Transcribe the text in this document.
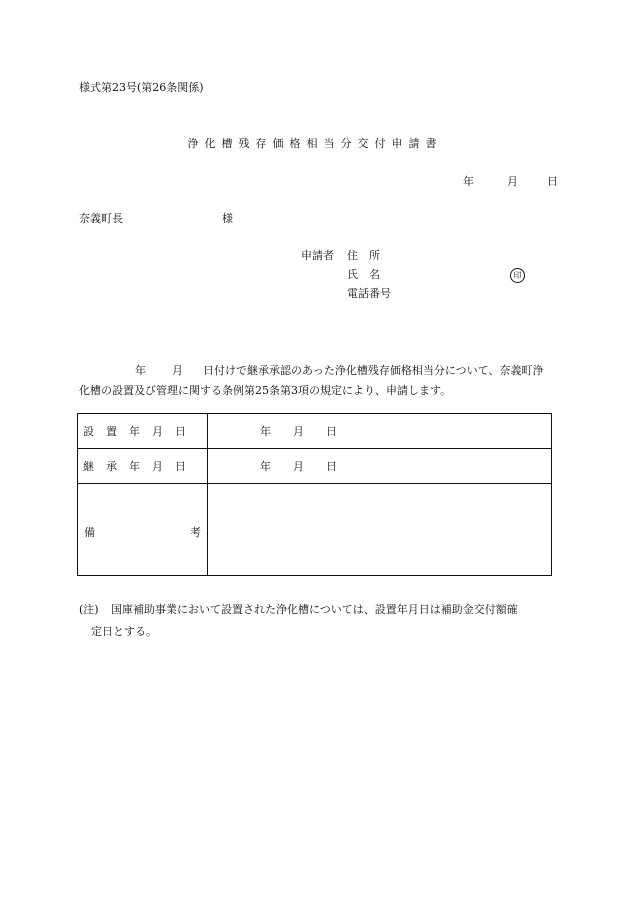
様式第23号(第26条関係)
浄化槽残存価格相当分交付申請書
年	月	日
奈義町長	様
申請者 住　所
氏　名
電話番号
印
年 月 日付けで継承承認のあった浄化槽残存価格相当分について、奈義町浄化槽の設置及び管理に関する条例第25条第3項の規定により、申請します。
設置年月日	年　　月　　日

継承年月日	年　　月　　日

備 考	

(注) 国庫補助事業において設置された浄化槽については、設置年月日は補助金交付額確
定日とする。
